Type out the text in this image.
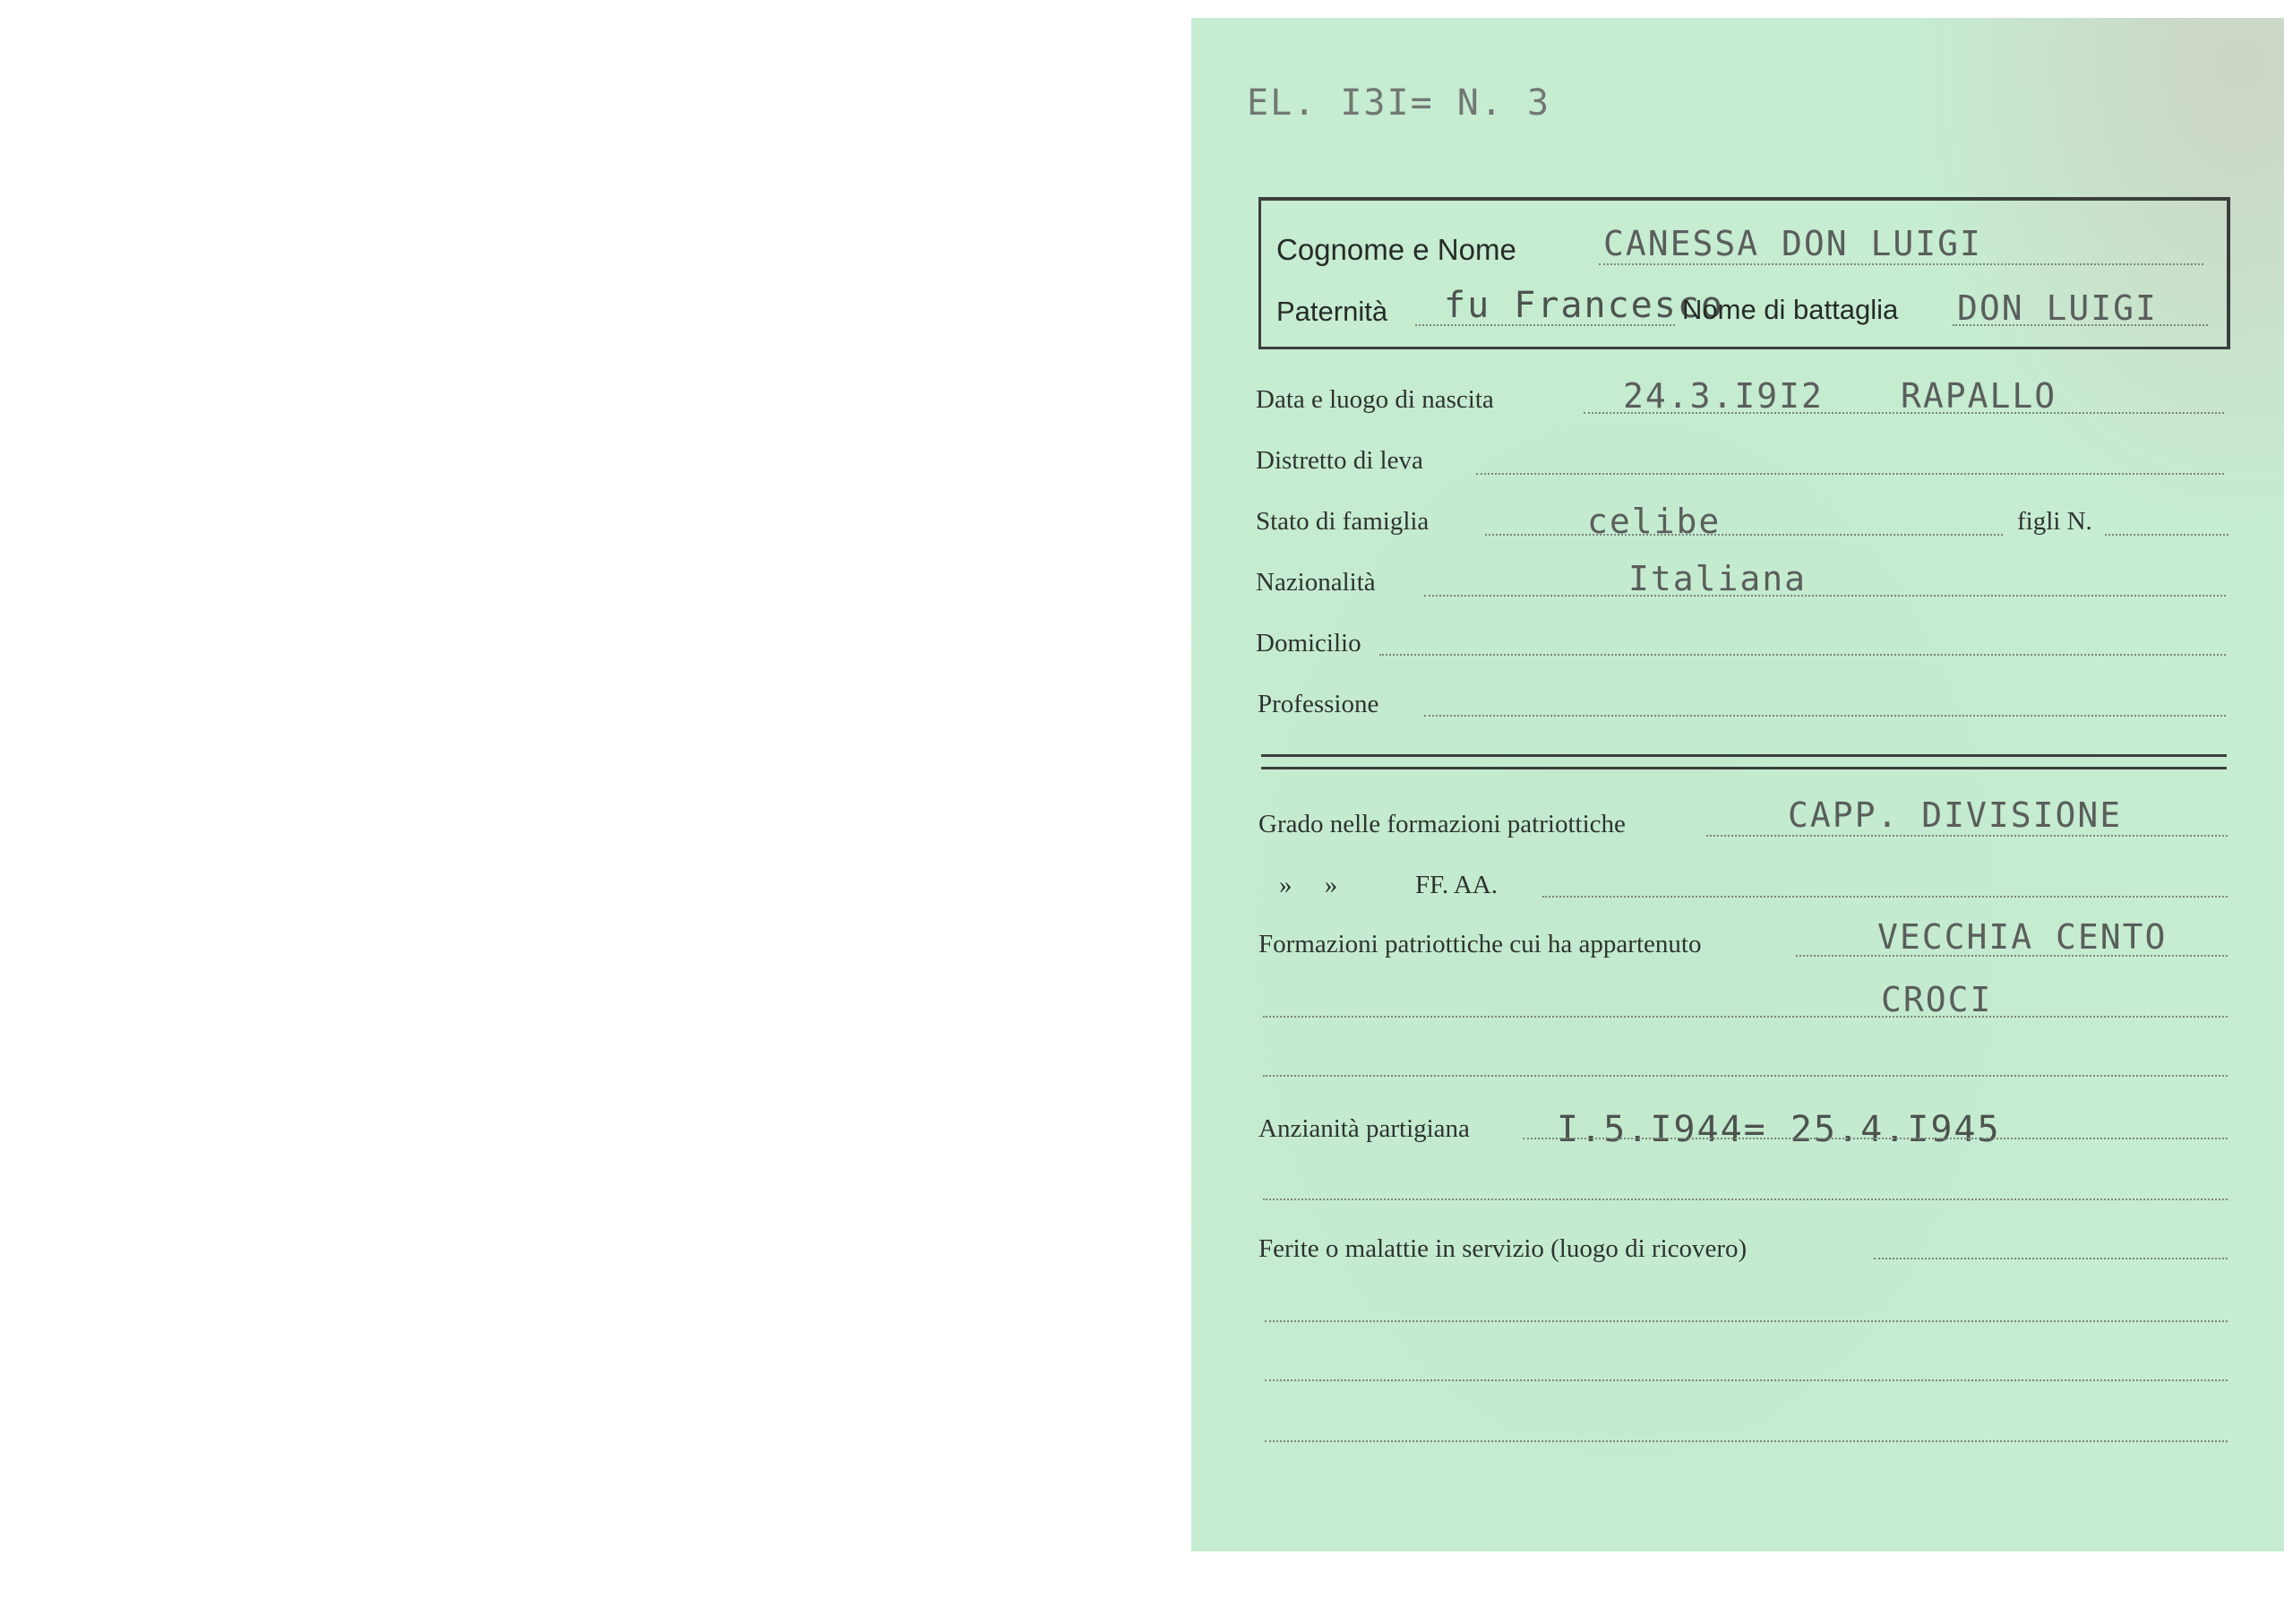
EL. I3I= N. 3
Cognome e Nome	CANESSA DON LUIGI
Paternità fu Francesco
Nome di battaglia DON LUIGI
Data e luogo di nascita	24.3.I9I2 RAPALLO
Distretto di leva
Stato di famiglia	celibe	figli N.
Nazionalità	Italiana
Domicilio
Professione
Grado nelle formazioni patriottiche	CAPP. DIVISIONE
»     »	FF. AA.
Formazioni patriottiche cui ha appartenuto	VECCHIA CENTO
CROCI
Anzianità partigiana I.5.I944= 25.4.I945
Ferite o malattie in servizio (luogo di ricovero)
